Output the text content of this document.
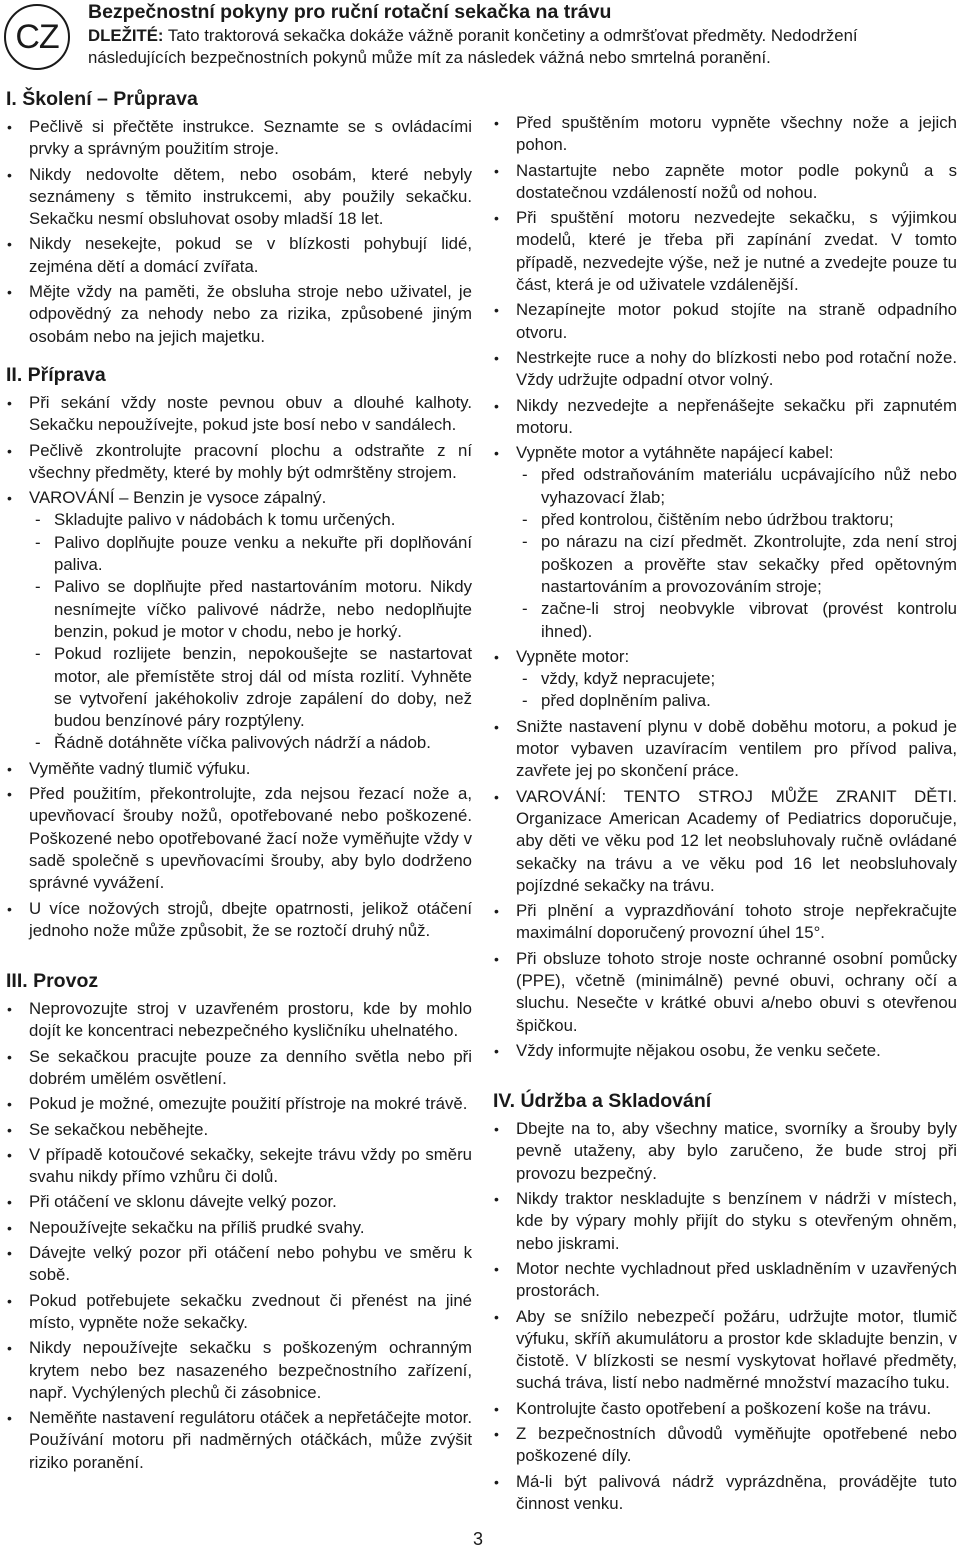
CZ
Bezpečnostní pokyny pro ruční rotační sekačka na trávu

DLEŽITÉ: Tato traktorová sekačka dokáže vážně poranit končetiny a odmršťovat předměty. Nedodržení následujících bezpečnostních pokynů může mít za následek vážná nebo smrtelná poranění.

I. Školení – Průprava
• Pečlivě si přečtěte instrukce. Seznamte se s ovládacími prvky a správným použitím stroje.
• Nikdy nedovolte dětem, nebo osobám, které nebyly seznámeny s těmito instrukcemi, aby použily sekačku. Sekačku nesmí obsluhovat osoby mladší 18 let.
• Nikdy nesekejte, pokud se v blízkosti pohybují lidé, zejména dětí a domácí zvířata.
• Mějte vždy na paměti, že obsluha stroje nebo uživatel, je odpovědný za nehody nebo za rizika, způsobené jiným osobám nebo na jejich majetku.
II. Příprava
• Při sekání vždy noste pevnou obuv a dlouhé kalhoty. Sekačku nepoužívejte, pokud jste bosí nebo v sandálech.
• Pečlivě zkontrolujte pracovní plochu a odstraňte z ní všechny předměty, které by mohly být odmrštěny strojem.
• VAROVÁNÍ – Benzin je vysoce zápalný.
- Skladujte palivo v nádobách k tomu určených.
- Palivo doplňujte pouze venku a nekuřte při doplňování paliva.
- Palivo se doplňujte před nastartováním motoru. Nikdy nesnímejte víčko palivové nádrže, nebo nedoplňujte benzin, pokud je motor v chodu, nebo je horký.
- Pokud rozlijete benzin, nepokoušejte se nastartovat motor, ale přemístěte stroj dál od místa rozlití. Vyhněte se vytvoření jakéhokoliv zdroje zapálení do doby, než budou benzínové páry rozptýleny.
- Řádně dotáhněte víčka palivových nádrží a nádob.
• Vyměňte vadný tlumič výfuku.
• Před použitím, překontrolujte, zda nejsou řezací nože a, upevňovací šrouby nožů, opotřebované nebo poškozené. Poškozené nebo opotřebované žací nože vyměňujte vždy v sadě společně s upevňovacími šrouby, aby bylo dodrženo správné vyvážení.
• U více nožových strojů, dbejte opatrnosti, jelikož otáčení jednoho nože může způsobit, že se roztočí druhý nůž.
III. Provoz
• Neprovozujte stroj v uzavřeném prostoru, kde by mohlo dojít ke koncentraci nebezpečného kysličníku uhelnatého.
• Se sekačkou pracujte pouze za denního světla nebo při dobrém umělém osvětlení.
• Pokud je možné, omezujte použití přístroje na mokré trávě.
• Se sekačkou neběhejte.
• V případě kotoučové sekačky, sekejte trávu vždy po směru svahu nikdy přímo vzhůru či dolů.
• Při otáčení ve sklonu dávejte velký pozor.
• Nepoužívejte sekačku na příliš prudké svahy.
• Dávejte velký pozor při otáčení nebo pohybu ve směru k sobě.
• Pokud potřebujete sekačku zvednout či přenést na jiné místo, vypněte nože sekačky.
• Nikdy nepoužívejte sekačku s poškozeným ochranným krytem nebo bez nasazeného bezpečnostního zařízení, např. Vychýlených plechů či zásobnice.
• Neměňte nastavení regulátoru otáček a nepřetáčejte motor. Používání motoru při nadměrných otáčkách, může zvýšit riziko poranění.
• Před spuštěním motoru vypněte všechny nože a jejich pohon.
• Nastartujte nebo zapněte motor podle pokynů a s dostatečnou vzdáleností nožů od nohou.
• Při spuštění motoru nezvedejte sekačku, s výjimkou modelů, které je třeba při zapínání zvedat. V tomto případě, nezvedejte výše, než je nutné a zvedejte pouze tu část, která je od uživatele vzdálenější.
• Nezapínejte motor pokud stojíte na straně odpadního otvoru.
• Nestrkejte ruce a nohy do blízkosti nebo pod rotační nože. Vždy udržujte odpadní otvor volný.
• Nikdy nezvedejte a nepřenášejte sekačku při zapnutém motoru.
• Vypněte motor a vytáhněte napájecí kabel:
- před odstraňováním materiálu ucpávajícího nůž nebo vyhazovací žlab;
- před kontrolou, čištěním nebo údržbou traktoru;
- po nárazu na cizí předmět. Zkontrolujte, zda není stroj poškozen a prověřte stav sekačky před opětovným nastartováním a provozováním stroje;
- začne-li stroj neobvykle vibrovat (provést kontrolu ihned).
• Vypněte motor:
- vždy, když nepracujete;
- před doplněním paliva.
• Snižte nastavení plynu v době doběhu motoru, a pokud je motor vybaven uzavíracím ventilem pro přívod paliva, zavřete jej po skončení práce.
• VAROVÁNÍ: TENTO STROJ MŮŽE ZRANIT DĚTI. Organizace American Academy of Pediatrics doporučuje, aby děti ve věku pod 12 let neobsluhovaly ručně ovládané sekačky na trávu a ve věku pod 16 let neobsluhovaly pojízdné sekačky na trávu.
• Při plnění a vyprazdňování tohoto stroje nepřekračujte maximální doporučený provozní úhel 15°.
• Při obsluze tohoto stroje noste ochranné osobní pomůcky (PPE), včetně (minimálně) pevné obuvi, ochrany očí a sluchu. Nesečte v krátké obuvi a/nebo obuvi s otevřenou špičkou.
• Vždy informujte nějakou osobu, že venku sečete.
IV. Údržba a Skladování
• Dbejte na to, aby všechny matice, svorníky a šrouby byly pevně utaženy, aby bylo zaručeno, že bude stroj při provozu bezpečný.
• Nikdy traktor neskladujte s benzínem v nádrži v místech, kde by výpary mohly přijít do styku s otevřeným ohněm, nebo jiskrami.
• Motor nechte vychladnout před uskladněním v uzavřených prostorách.
• Aby se snížilo nebezpečí požáru, udržujte motor, tlumič výfuku, skříň akumulátoru a prostor kde skladujte benzin, v čistotě. V blízkosti se nesmí vyskytovat hořlavé předměty, suchá tráva, listí nebo nadměrné množství mazacího tuku.
• Kontrolujte často opotřebení a poškození koše na trávu.
• Z bezpečnostních důvodů vyměňujte opotřebené nebo poškozené díly.
• Má-li být palivová nádrž vyprázdněna, provádějte tuto činnost venku.
3
